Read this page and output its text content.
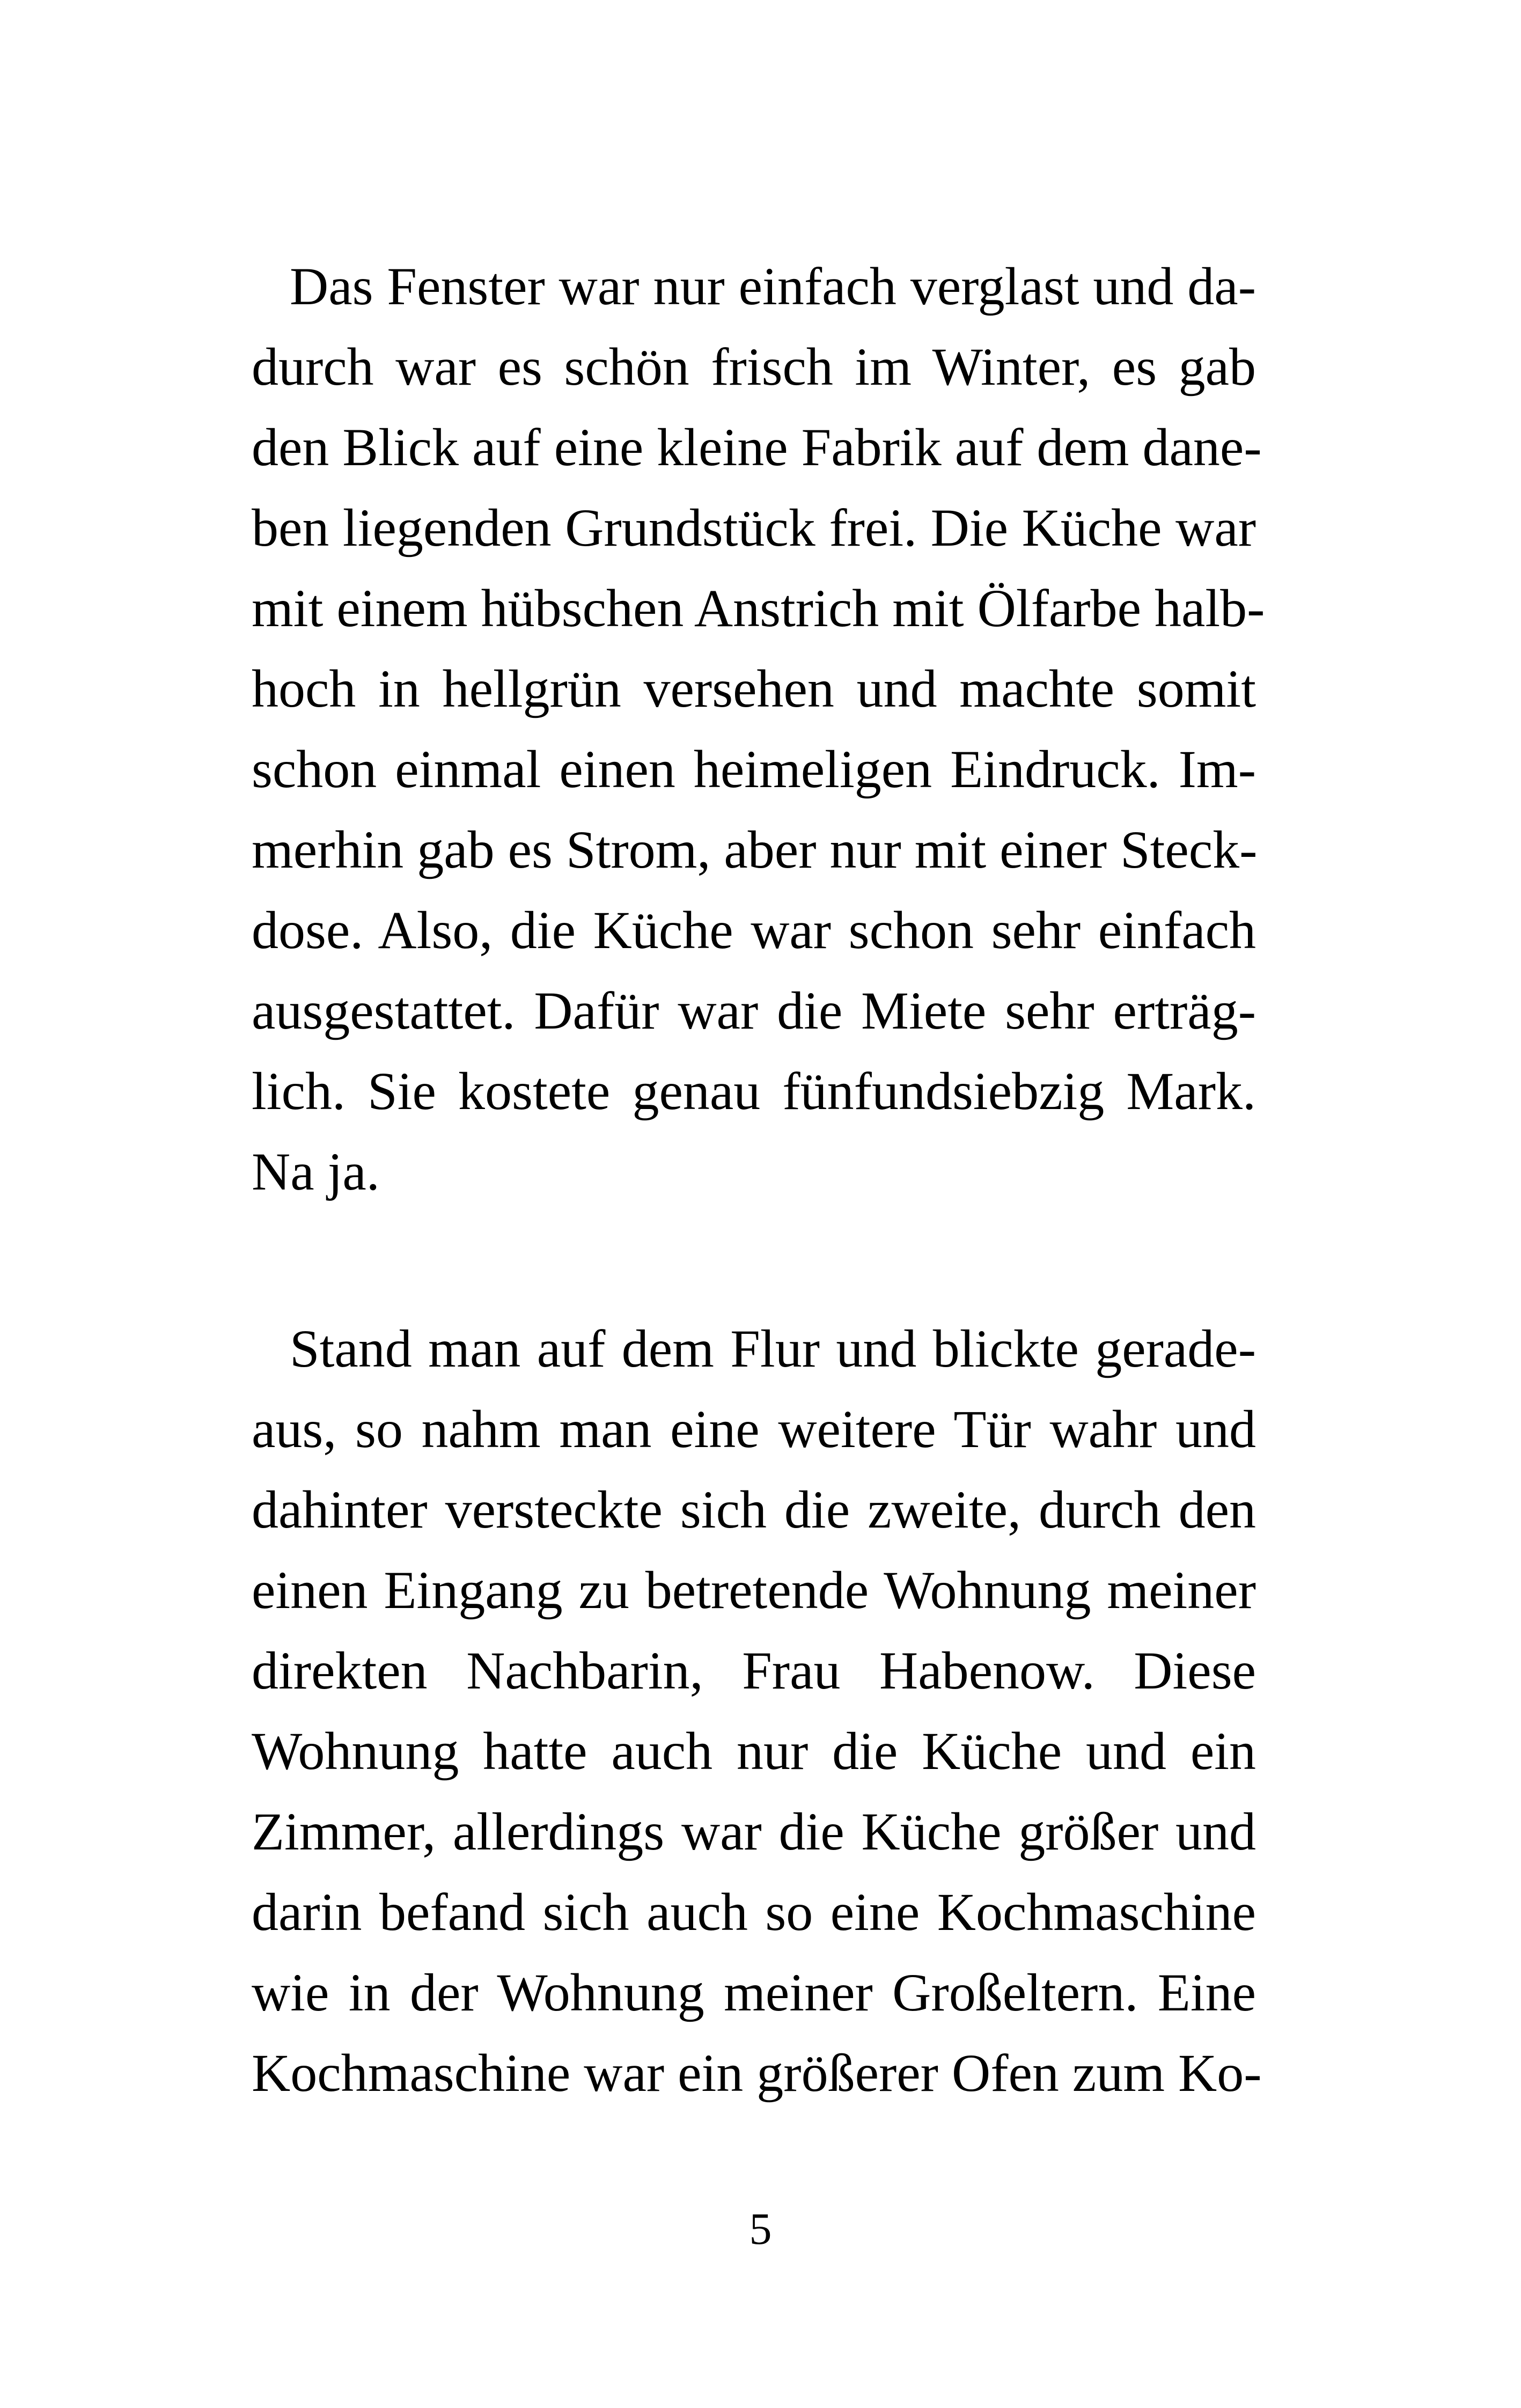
Das Fenster war nur einfach verglast und da-
durch war es schön frisch im Winter, es gab
den Blick auf eine kleine Fabrik auf dem dane-
ben liegenden Grundstück frei. Die Küche war
mit einem hübschen Anstrich mit Ölfarbe halb-
hoch in hellgrün versehen und machte somit
schon einmal einen heimeligen Eindruck. Im-
merhin gab es Strom, aber nur mit einer Steck-
dose. Also, die Küche war schon sehr einfach
ausgestattet. Dafür war die Miete sehr erträg-
lich. Sie kostete genau fünfundsiebzig Mark.
Na ja.
Stand man auf dem Flur und blickte gerade-
aus, so nahm man eine weitere Tür wahr und
dahinter versteckte sich die zweite, durch den
einen Eingang zu betretende Wohnung meiner
direkten Nachbarin, Frau Habenow. Diese
Wohnung hatte auch nur die Küche und ein
Zimmer, allerdings war die Küche größer und
darin befand sich auch so eine Kochmaschine
wie in der Wohnung meiner Großeltern. Eine
Kochmaschine war ein größerer Ofen zum Ko-
5
